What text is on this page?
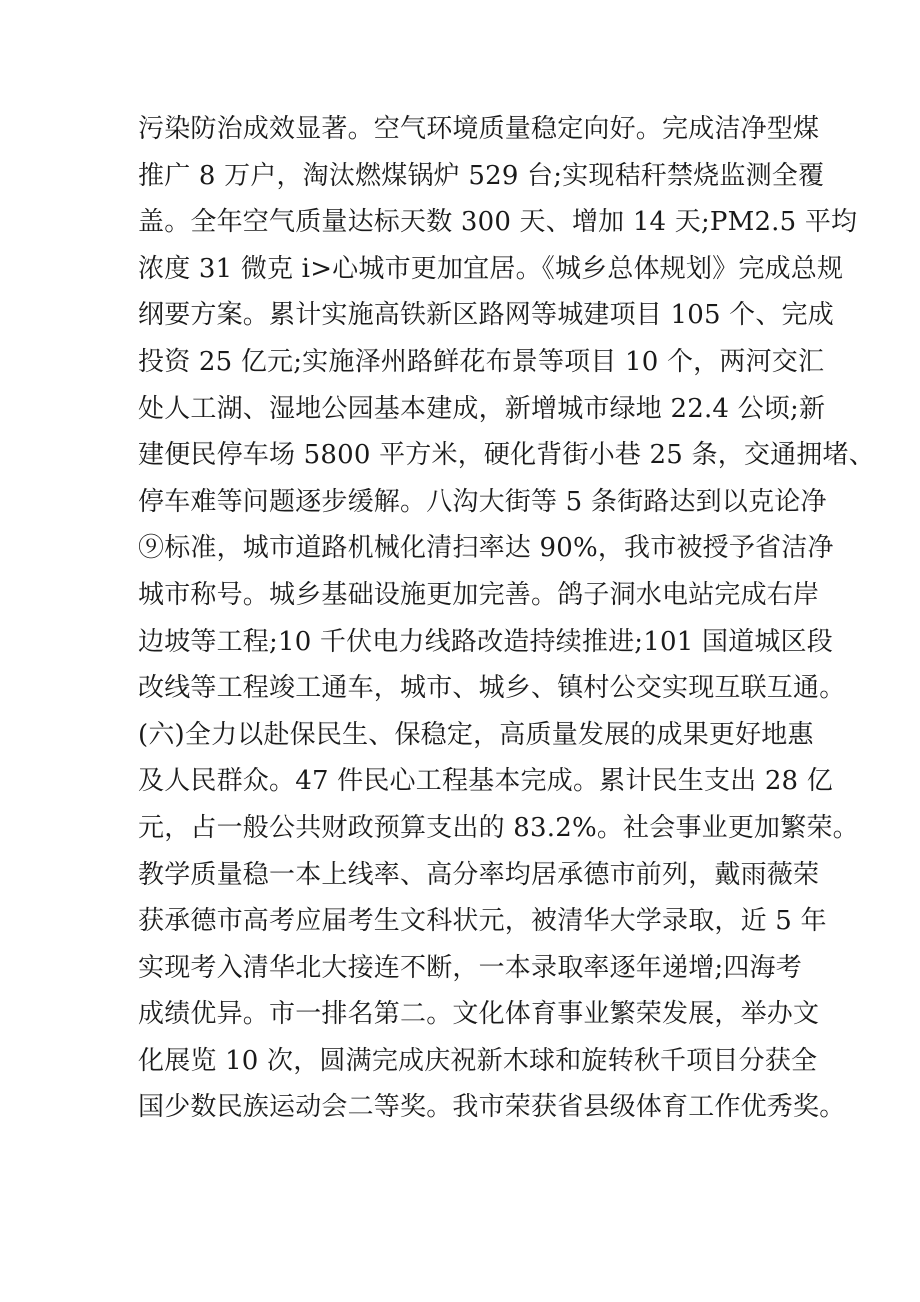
污染防治成效显著。空气环境质量稳定向好。完成洁净型煤
推广 8 万户，淘汰燃煤锅炉 529 台;实现秸秆禁烧监测全覆
盖。全年空气质量达标天数 300 天、增加 14 天;PM2.5 平均
浓度 31 微克 i>心城市更加宜居。《城乡总体规划》完成总规
纲要方案。累计实施高铁新区路网等城建项目 105 个、完成
投资 25 亿元;实施泽州路鲜花布景等项目 10 个，两河交汇
处人工湖、湿地公园基本建成，新增城市绿地 22.4 公顷;新
建便民停车场 5800 平方米，硬化背街小巷 25 条，交通拥堵、
停车难等问题逐步缓解。八沟大街等 5 条街路达到以克论净
⑨标准，城市道路机械化清扫率达 90%，我市被授予省洁净
城市称号。城乡基础设施更加完善。鸽子洞水电站完成右岸
边坡等工程;10 千伏电力线路改造持续推进;101 国道城区段
改线等工程竣工通车，城市、城乡、镇村公交实现互联互通。
(六)全力以赴保民生、保稳定，高质量发展的成果更好地惠
及人民群众。47 件民心工程基本完成。累计民生支出 28 亿
元，占一般公共财政预算支出的 83.2%。社会事业更加繁荣。
教学质量稳一本上线率、高分率均居承德市前列，戴雨薇荣
获承德市高考应届考生文科状元，被清华大学录取，近 5 年
实现考入清华北大接连不断，一本录取率逐年递增;四海考
成绩优异。市一排名第二。文化体育事业繁荣发展，举办文
化展览 10 次，圆满完成庆祝新木球和旋转秋千项目分获全
国少数民族运动会二等奖。我市荣获省县级体育工作优秀奖。
